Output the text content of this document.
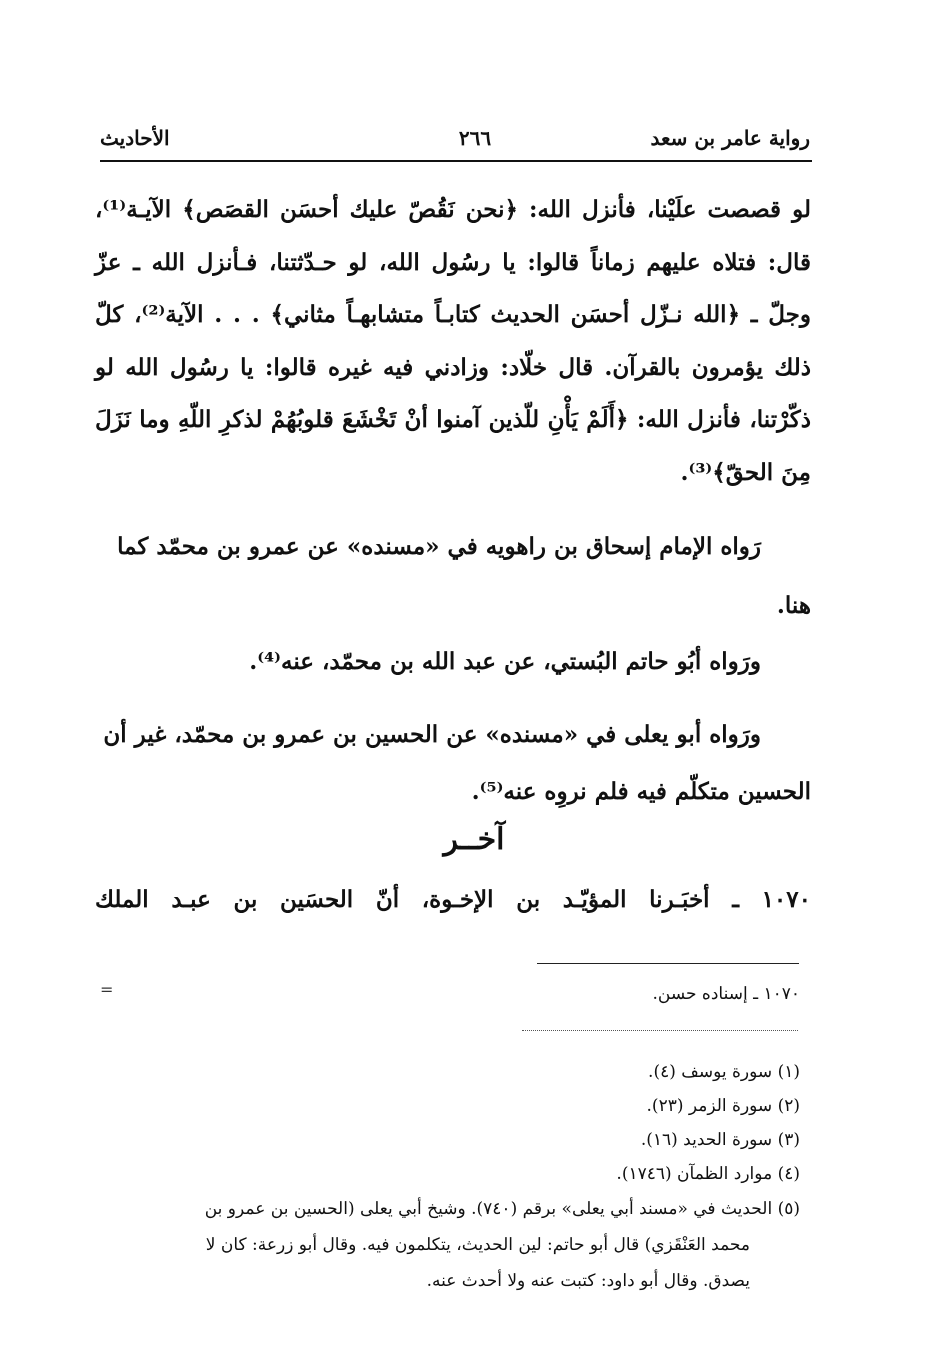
رواية عامر بن سعد
٢٦٦
الأحاديث
لو قصصت علَيْنا، فأنزل الله: ﴿نحن نَقُصّ عليك أحسَن القصَص﴾ الآيـة⁽¹⁾، قال: فتلاه عليهم زماناً قالوا: يا رسُول الله، لو حـدّثتنا، فـأنزل الله ـ عزّ وجلّ ـ ﴿الله نـزّل أحسَن الحديث كتابـاً متشابهـاً مثاني﴾ . . . الآية⁽²⁾، كلّ ذلك يؤمرون بالقرآن. قال خلّاد: وزادني فيه غيره قالوا: يا رسُول الله لو ذكّرْتنا، فأنزل الله: ﴿أَلَمْ يَأْنِ للّذين آمنوا أنْ تَخْشَعَ قلوبُهُمْ لذكرِ اللّهِ وما نَزَلَ مِنَ الحقّ﴾⁽³⁾.
رَواه الإمام إسحاق بن راهويه في «مسنده» عن عمرو بن محمّد كما هنا.
ورَواه أبُو حاتم البُستي، عن عبد الله بن محمّد، عنه⁽⁴⁾.
ورَواه أبو يعلى في «مسنده» عن الحسين بن عمرو بن محمّد، غير أن الحسين متكلّم فيه فلم نروِه عنه⁽⁵⁾.
آخــر
١٠٧٠ ـ أخبَـرنا المؤيّـد بن الإخـوة، أنّ الحسَين بن عبـد الملك
=	١٠٧٠ ـ إسناده حسن.
(١) سورة يوسف (٤).
(٢) سورة الزمر (٢٣).
(٣) سورة الحديد (١٦).
(٤) موارد الظمآن (١٧٤٦).
(٥) الحديث في «مسند أبي يعلى» برقم (٧٤٠). وشيخ أبي يعلى (الحسين بن عمرو بن
محمد العَنْقَزي) قال أبو حاتم: لين الحديث، يتكلمون فيه. وقال أبو زرعة: كان لا
يصدق. وقال أبو داود: كتبت عنه ولا أحدث عنه.
